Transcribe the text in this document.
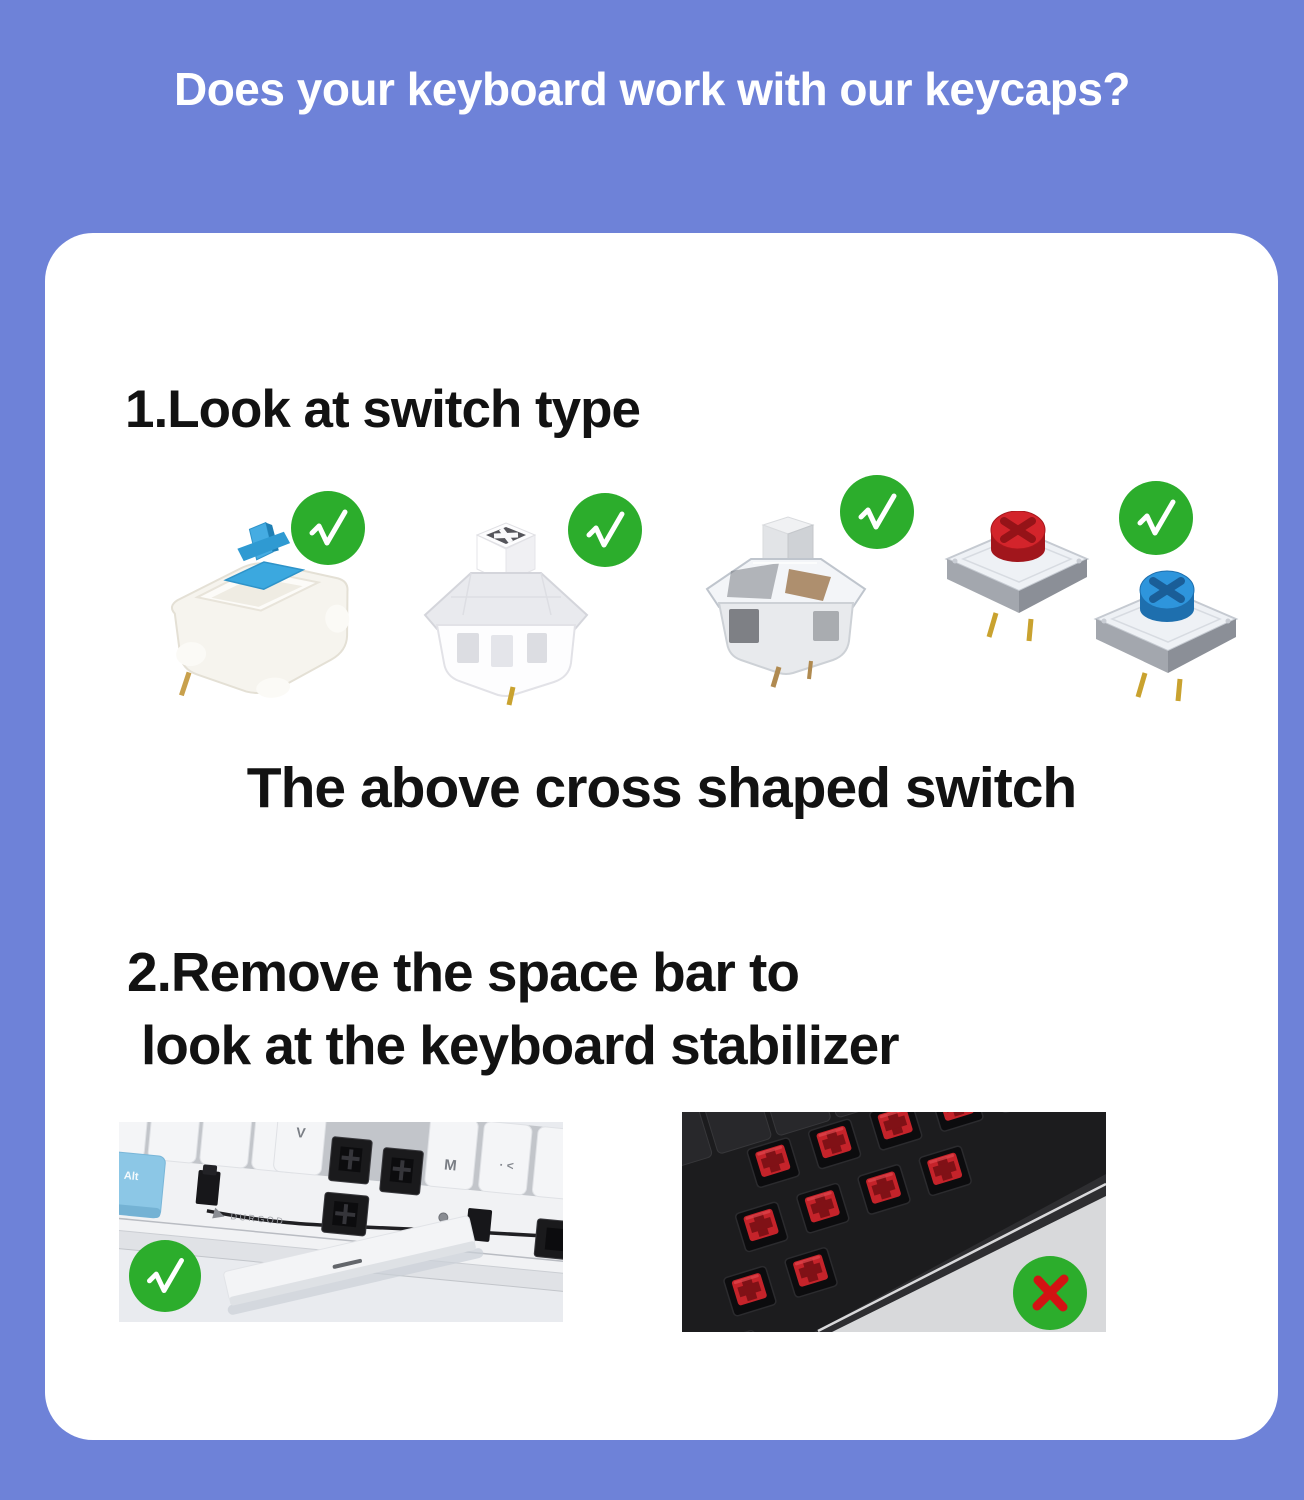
Does your keyboard work with our keycaps?
1.Look at switch type
The above cross shaped switch
2.Remove the space bar to
look at the keyboard stabilizer
V
M	· <
Alt
DURGOD
